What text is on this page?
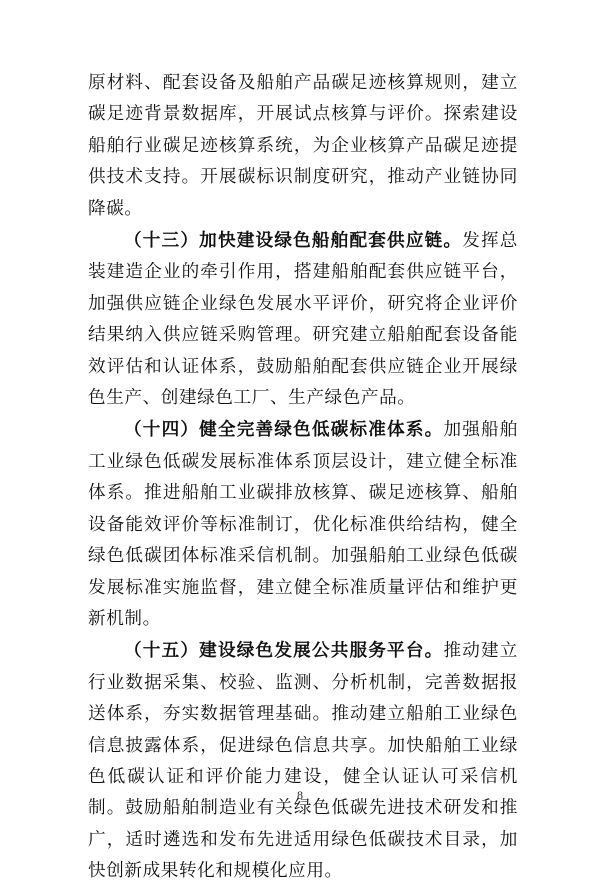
原材料、配套设备及船舶产品碳足迹核算规则，建立碳足迹背景数据库，开展试点核算与评价。探索建设船舶行业碳足迹核算系统，为企业核算产品碳足迹提供技术支持。开展碳标识制度研究，推动产业链协同降碳。

（十三）加快建设绿色船舶配套供应链。发挥总装建造企业的牵引作用，搭建船舶配套供应链平台，加强供应链企业绿色发展水平评价，研究将企业评价结果纳入供应链采购管理。研究建立船舶配套设备能效评估和认证体系，鼓励船舶配套供应链企业开展绿色生产、创建绿色工厂、生产绿色产品。

（十四）健全完善绿色低碳标准体系。加强船舶工业绿色低碳发展标准体系顶层设计，建立健全标准体系。推进船舶工业碳排放核算、碳足迹核算、船舶设备能效评价等标准制订，优化标准供给结构，健全绿色低碳团体标准采信机制。加强船舶工业绿色低碳发展标准实施监督，建立健全标准质量评估和维护更新机制。

（十五）建设绿色发展公共服务平台。推动建立行业数据采集、校验、监测、分析机制，完善数据报送体系，夯实数据管理基础。推动建立船舶工业绿色信息披露体系，促进绿色信息共享。加快船舶工业绿色低碳认证和评价能力建设，健全认证认可采信机制。鼓励船舶制造业有关绿色低碳先进技术研发和推广，适时遴选和发布先进适用绿色低碳技术目录，加快创新成果转化和规模化应用。

8
